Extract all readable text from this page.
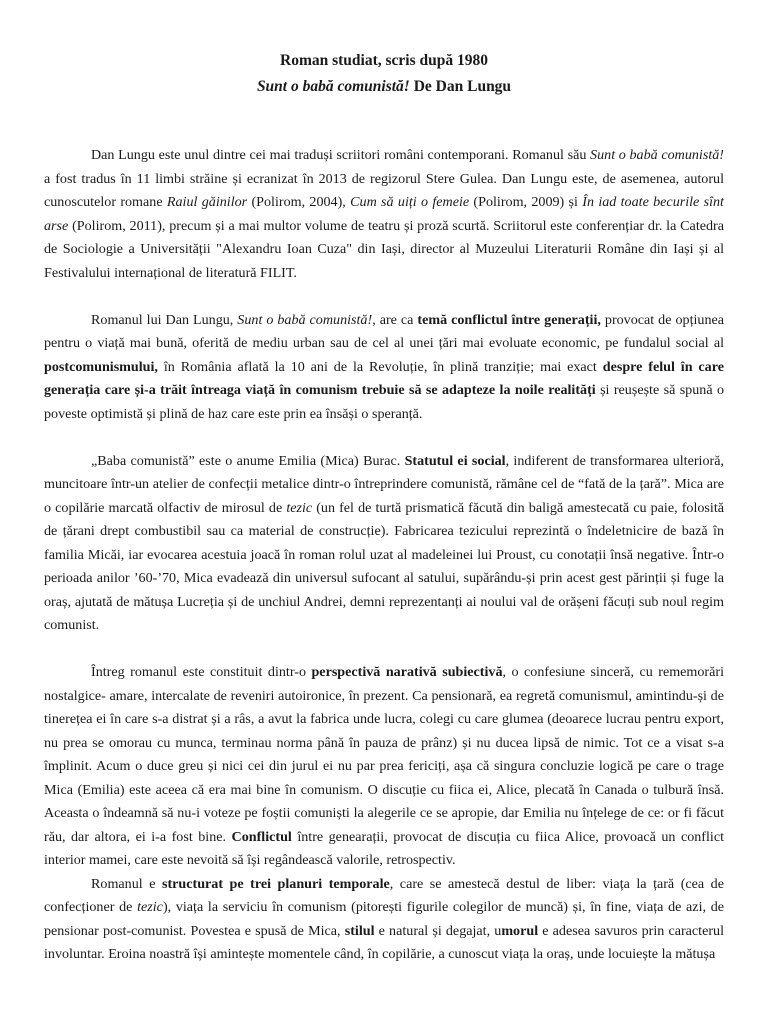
Roman studiat, scris după 1980
Sunt o babă comunistă! De Dan Lungu

Dan Lungu este unul dintre cei mai traduși scriitori români contemporani. Romanul său Sunt o babă comunistă! a fost tradus în 11 limbi străine și ecranizat în 2013 de regizorul Stere Gulea. Dan Lungu este, de asemenea, autorul cunoscutelor romane Raiul găinilor (Polirom, 2004), Cum să uiți o femeie (Polirom, 2009) și În iad toate becurile sînt arse (Polirom, 2011), precum și a mai multor volume de teatru și proză scurtă. Scriitorul este conferențiar dr. la Catedra de Sociologie a Universității "Alexandru Ioan Cuza" din Iași, director al Muzeului Literaturii Române din Iași și al Festivalului internațional de literatură FILIT.

Romanul lui Dan Lungu, Sunt o babă comunistă!, are ca temă conflictul între generații, provocat de opțiunea pentru o viață mai bună, oferită de mediu urban sau de cel al unei țări mai evoluate economic, pe fundalul social al postcomunismului, în România aflată la 10 ani de la Revoluție, în plină tranziție; mai exact despre felul în care generația care și-a trăit întreaga viață în comunism trebuie să se adapteze la noile realități și reușește să spună o poveste optimistă și plină de haz care este prin ea însăși o speranță.

„Baba comunistă” este o anume Emilia (Mica) Burac. Statutul ei social, indiferent de transformarea ulterioră, muncitoare într-un atelier de confecții metalice dintr-o întreprindere comunistă, rămâne cel de “fată de la țară”. Mica are o copilărie marcată olfactiv de mirosul de tezic (un fel de turtă prismatică făcută din baligă amestecată cu paie, folosită de țărani drept combustibil sau ca material de construcție). Fabricarea tezicului reprezintă o îndeletnicire de bază în familia Micăi, iar evocarea acestuia joacă în roman rolul uzat al madeleinei lui Proust, cu conotații însă negative. Într-o perioada anilor ’60-’70, Mica evadează din universul sufocant al satului, supărându-și prin acest gest părinții și fuge la oraș, ajutată de mătușa Lucreția și de unchiul Andrei, demni reprezentanți ai noului val de orășeni făcuți sub noul regim comunist.

Întreg romanul este constituit dintr-o perspectivă narativă subiectivă, o confesiune sinceră, cu rememorări nostalgice- amare, intercalate de reveniri autoironice, în prezent. Ca pensionară, ea regretă comunismul, amintindu-și de tinerețea ei în care s-a distrat și a râs, a avut la fabrica unde lucra, colegi cu care glumea (deoarece lucrau pentru export, nu prea se omorau cu munca, terminau norma până în pauza de prânz) și nu ducea lipsă de nimic. Tot ce a visat s-a împlinit. Acum o duce greu și nici cei din jurul ei nu par prea fericiți, așa că singura concluzie logică pe care o trage Mica (Emilia) este aceea că era mai bine în comunism. O discuție cu fiica ei, Alice, plecată în Canada o tulbură însă. Aceasta o îndeamnă să nu-i voteze pe foștii comuniști la alegerile ce se apropie, dar Emilia nu înțelege de ce: or fi făcut rău, dar altora, ei i-a fost bine. Conflictul între genearații, provocat de discuția cu fiica Alice, provoacă un conflict interior mamei, care este nevoită să își regândească valorile, retrospectiv.

Romanul e structurat pe trei planuri temporale, care se amestecă destul de liber: viața la țară (cea de confecționer de tezic), viața la serviciu în comunism (pitorești figurile colegilor de muncă) și, în fine, viața de azi, de pensionar post-comunist. Povestea e spusă de Mica, stilul e natural și degajat, umorul e adesea savuros prin caracterul involuntar. Eroina noastră își amintește momentele când, în copilărie, a cunoscut viața la oraș, unde locuiește la mătușa
